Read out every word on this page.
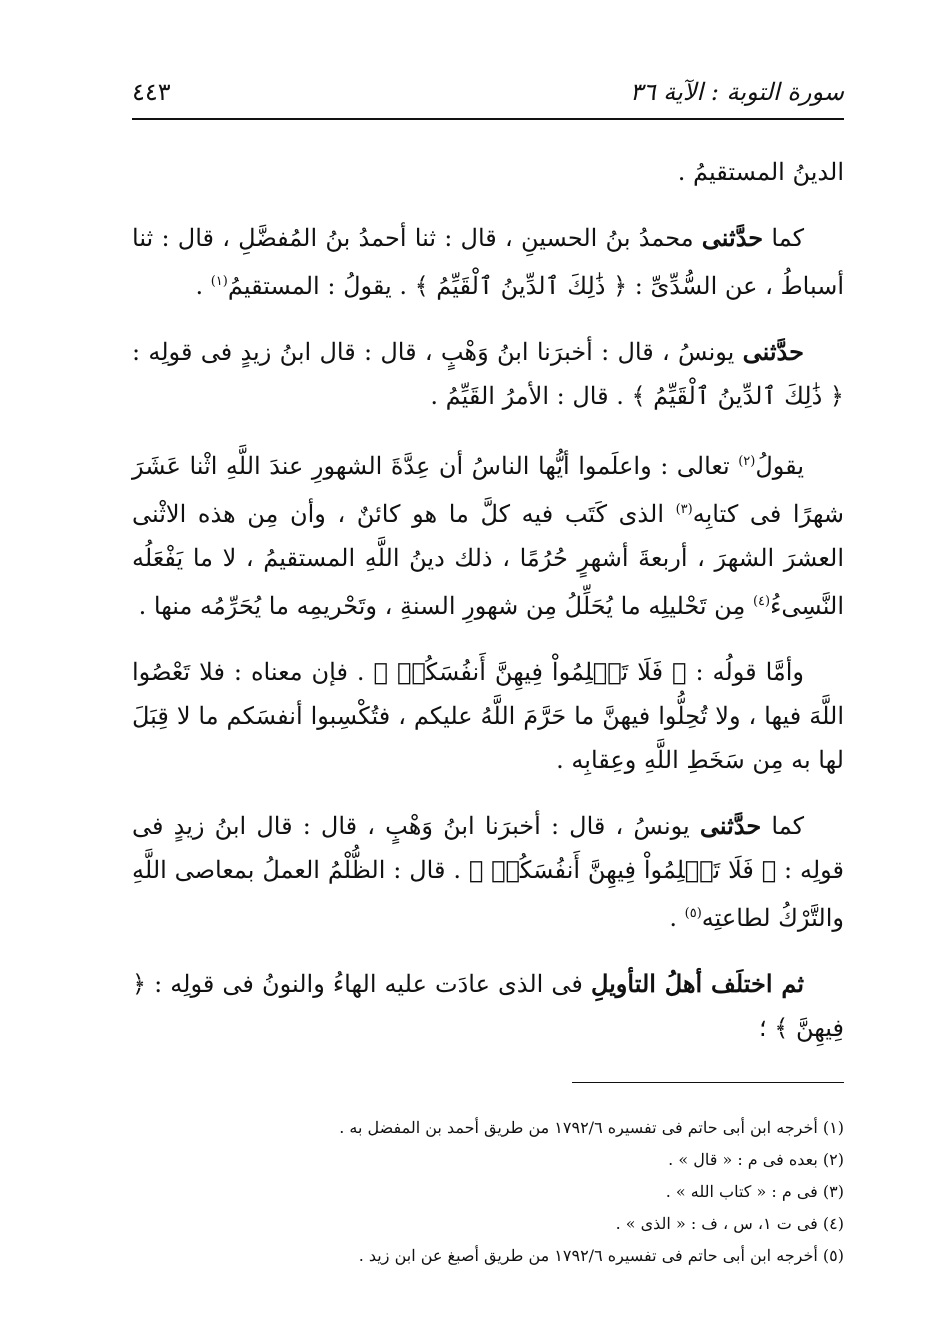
سورة التوبة : الآية ٣٦
٤٤٣

الدينُ المستقيمُ .

كما حدَّثنى محمدُ بنُ الحسينِ ، قال : ثنا أحمدُ بنُ المُفضَّلِ ، قال : ثنا أسباطُ ، عن السُّدِّىِّ : ﴿ ذَٰلِكَ ٱلدِّينُ ٱلْقَيِّمُ ﴾ . يقولُ : المستقيمُ$^{(١)}$ .

حدَّثنى يونسُ ، قال : أخبرَنا ابنُ وَهْبٍ ، قال : قال ابنُ زيدٍ فى قولِه : ﴿ ذَٰلِكَ ٱلدِّينُ ٱلْقَيِّمُ ﴾ . قال : الأمرُ القَيِّمُ .

يقولُ$^{(٢)}$ تعالى : واعلَموا أيُّها الناسُ أن عِدَّةَ الشهورِ عندَ اللَّهِ اثْنا عَشَرَ شهرًا فى كتابِه$^{(٣)}$ الذى كَتَب فيه كلَّ ما هو كائنٌ ، وأن مِن هذه الاثْنى العشرَ الشهرَ ، أربعةَ أشهرٍ حُرُمًا ، ذلك دينُ اللَّهِ المستقيمُ ، لا ما يَفْعَلُه النَّسِىءُ$^{(٤)}$ مِن تَحْليلِه ما يُحَلِّلُ مِن شهورِ السنةِ ، وتَحْريمِه ما يُحَرِّمُه منها .

وأمَّا قولُه : ﴿ فَلَا تَظۡلِمُواْ فِيهِنَّ أَنفُسَكُمۡ ﴾ . فإن معناه : فلا تَعْصُوا اللَّهَ فيها ، ولا تُحِلُّوا فيهنَّ ما حَرَّمَ اللَّهُ عليكم ، فتُكْسِبوا أنفسَكم ما لا قِبَلَ لها به مِن سَخَطِ اللَّهِ وعِقابِه .

كما حدَّثنى يونسُ ، قال : أخبرَنا ابنُ وَهْبٍ ، قال : قال ابنُ زيدٍ فى قولِه : ﴿ فَلَا تَظۡلِمُواْ فِيهِنَّ أَنفُسَكُمۡ ﴾ . قال : الظُّلْمُ العملُ بمعاصى اللَّهِ والتَّرْكُ لطاعتِه$^{(٥)}$ .

ثم اختلَف أهلُ التأويلِ فى الذى عادَت عليه الهاءُ والنونُ فى قولِه : ﴿ فِيهِنَّ ﴾ ؛

(١) أخرجه ابن أبى حاتم فى تفسيره ١٧٩٢/٦ من طريق أحمد بن المفضل به .
(٢) بعده فى م : « قال » .
(٣) فى م : « كتاب الله » .
(٤) فى ت ١، س ، ف : « الذى » .
(٥) أخرجه ابن أبى حاتم فى تفسيره ١٧٩٢/٦ من طريق أصبغ عن ابن زيد .
